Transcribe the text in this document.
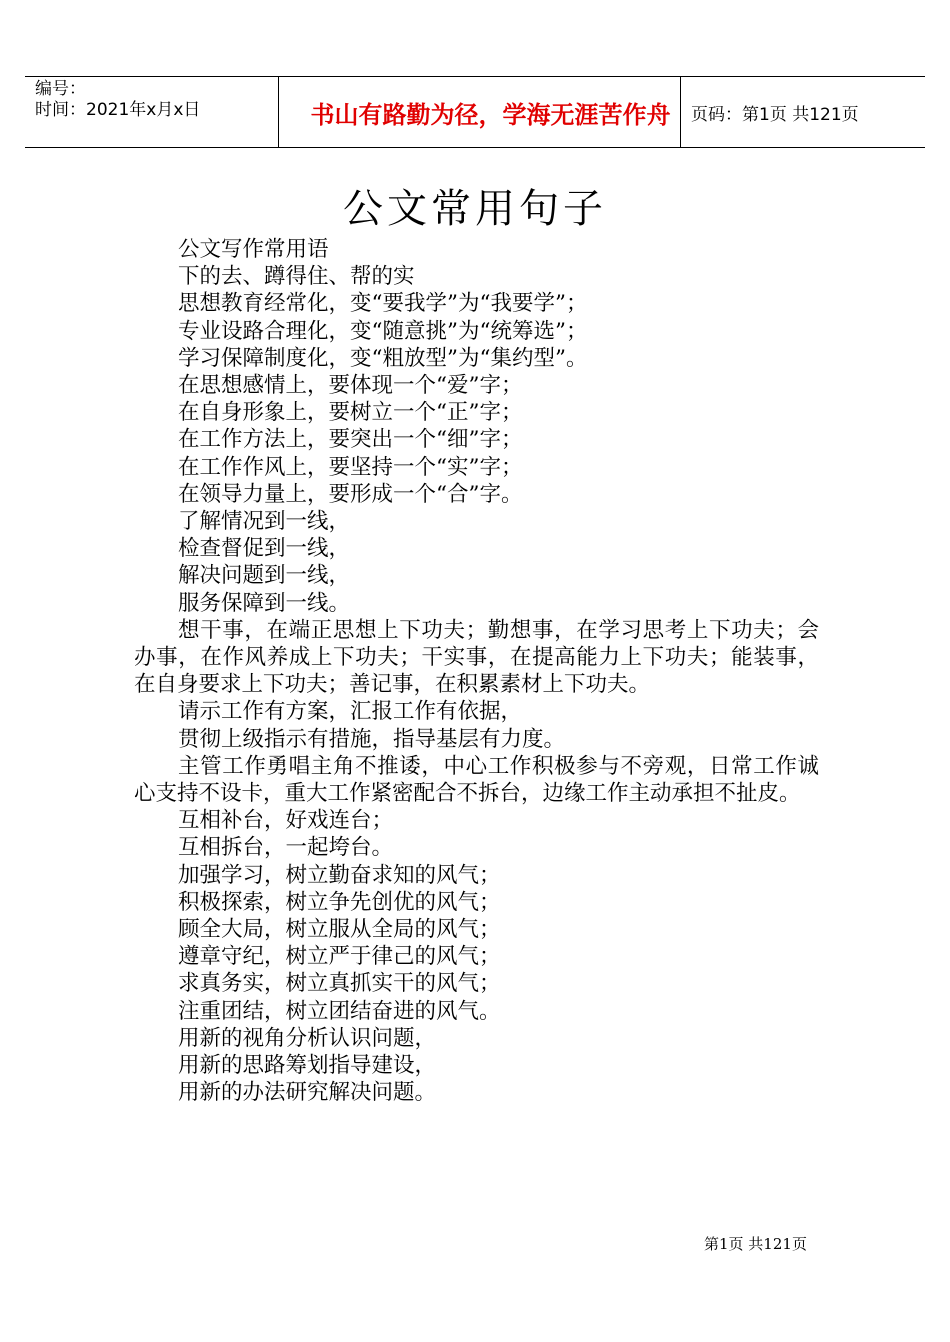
编号：
时间：2021年x月x日	书山有路勤为径，学海无涯苦作舟	页码：第1页 共121页
公文常用句子

公文写作常用语

下的去、蹲得住、帮的实

思想教育经常化，变“要我学”为“我要学”；

专业设路合理化，变“随意挑”为“统筹选”；

学习保障制度化，变“粗放型”为“集约型”。

在思想感情上，要体现一个“爱”字；

在自身形象上，要树立一个“正”字；

在工作方法上，要突出一个“细”字；

在工作作风上，要坚持一个“实”字；

在领导力量上，要形成一个“合”字。

了解情况到一线，

检查督促到一线，

解决问题到一线，

服务保障到一线。

想干事，在端正思想上下功夫；勤想事，在学习思考上下功夫；会办事，在作风养成上下功夫；干实事，在提高能力上下功夫；能装事，在自身要求上下功夫；善记事，在积累素材上下功夫。

请示工作有方案，汇报工作有依据，

贯彻上级指示有措施，指导基层有力度。

主管工作勇唱主角不推诿，中心工作积极参与不旁观，日常工作诚心支持不设卡，重大工作紧密配合不拆台，边缘工作主动承担不扯皮。

互相补台，好戏连台；

互相拆台，一起垮台。

加强学习，树立勤奋求知的风气；

积极探索，树立争先创优的风气；

顾全大局，树立服从全局的风气；

遵章守纪，树立严于律己的风气；

求真务实，树立真抓实干的风气；

注重团结，树立团结奋进的风气。

用新的视角分析认识问题，

用新的思路筹划指导建设，

用新的办法研究解决问题。

第1页 共121页
